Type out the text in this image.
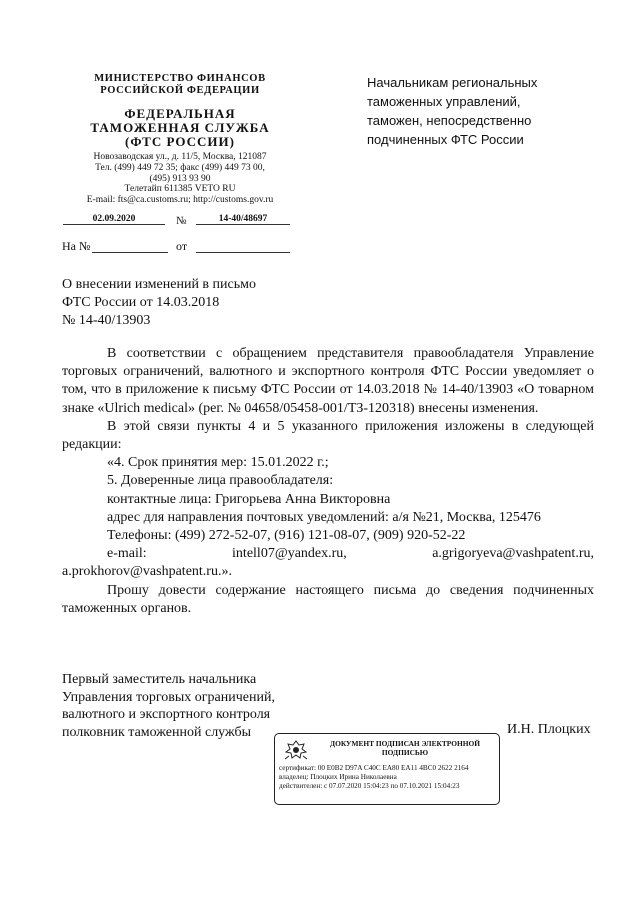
МИНИСТЕРСТВО ФИНАНСОВ
РОССИЙСКОЙ ФЕДЕРАЦИИ
ФЕДЕРАЛЬНАЯ
ТАМОЖЕННАЯ СЛУЖБА
(ФТС РОССИИ)
Новозаводская ул., д. 11/5, Москва, 121087
Тел. (499) 449 72 35; факс (499) 449 73 00,
(495) 913 93 90
Телетайп 611385 VETO RU
E-mail: fts@ca.customs.ru; http://customs.gov.ru
02.09.2020	№	14-40/48697
На №	от
Начальникам региональных
таможенных управлений,
таможен, непосредственно
подчиненных ФТС России
О внесении изменений в письмо
ФТС России от 14.03.2018
№ 14-40/13903

В соответствии с обращением представителя правообладателя Управление торговых ограничений, валютного и экспортного контроля ФТС России уведомляет о том, что в приложение к письму ФТС России от 14.03.2018 № 14-40/13903 «О товарном знаке «Ulrich medical» (рег. № 04658/05458-001/ТЗ-120318) внесены изменения.

В этой связи пункты 4 и 5 указанного приложения изложены в следующей редакции:

«4. Срок принятия мер: 15.01.2022 г.;

5. Доверенные лица правообладателя:

контактные лица: Григорьева Анна Викторовна

адрес для направления почтовых уведомлений: а/я №21, Москва, 125476

Телефоны: (499) 272-52-07, (916) 121-08-07, (909) 920-52-22

e-mail:	intell07@yandex.ru,	a.grigoryeva@vashpatent.ru,

a.prokhorov@vashpatent.ru.».

Прошу довести содержание настоящего письма до сведения подчиненных таможенных органов.

Первый заместитель начальника
Управления торговых ограничений,
валютного и экспортного контроля
полковник таможенной службы	И.Н. Плоцких
ДОКУМЕНТ ПОДПИСАН ЭЛЕКТРОННОЙ
ПОДПИСЬЮ
сертификат: 00 E0B2 D97A C40C EA80 EA11 4BC0 2622 2164
владелец: Плоцких Ирина Николаевна
действителен: с 07.07.2020 15:04:23 по 07.10.2021 15:04:23
